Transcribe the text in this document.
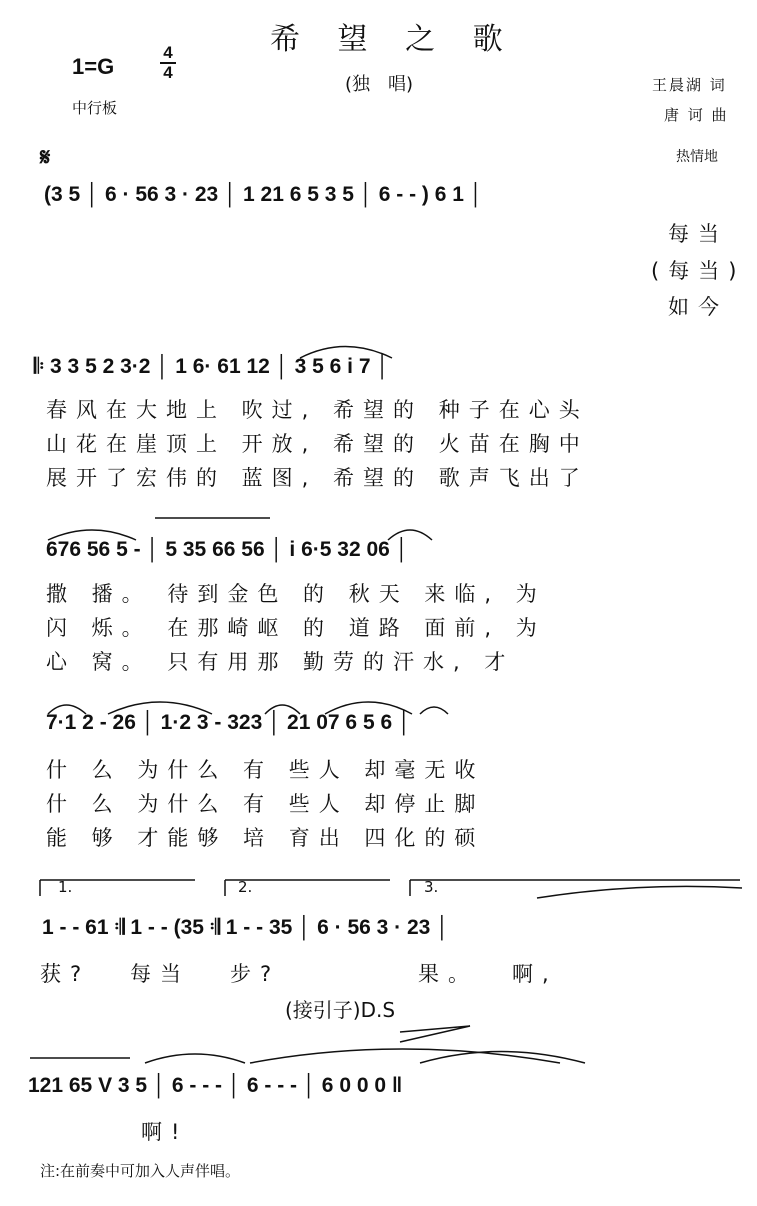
希 望 之 歌
1=G
4
4
(独　唱)	王晨湖 词
唐 诃 曲
中行板
𝄋	热情地
(3 5 │ 6 · 56 3 · 23 │ 1 21 6 5 3 5 │ 6 - - ) 6 1 │
每当
(每当)
如今
𝄆 3 3 5 2 3·2 │ 1 6· 61 12 │ 3 5 6 i 7 │
春风在大地上 吹过, 希望的 种子在心头
山花在崖顶上 开放, 希望的 火苗在胸中
展开了宏伟的 蓝图, 希望的 歌声飞出了
676 56 5 - │ 5 35 66 56 │ i 6·5 32 06 │
撒 播。 待到金色 的 秋天 来临, 为
闪 烁。 在那崎岖 的 道路 面前, 为
心 窝。 只有用那 勤劳的汗水, 才
7·1 2 - 26 │ 1·2 3 - 323 │ 21 07 6 5 6 │
什 么 为什么 有 些人 却毫无收
什 么 为什么 有 些人 却停止脚
能 够 才能够 培 育出 四化的硕
1.	2.	3.
1 - - 61 𝄇 1 - - (35 𝄇 1 - - 35 │ 6 · 56 3 · 23 │
获? 每当 步?	果。 啊,
(接引子)D.S
121 65 V 3 5 │ 6 - - - │ 6 - - - │ 6 0 0 0 ‖
啊!
注:在前奏中可加入人声伴唱。
